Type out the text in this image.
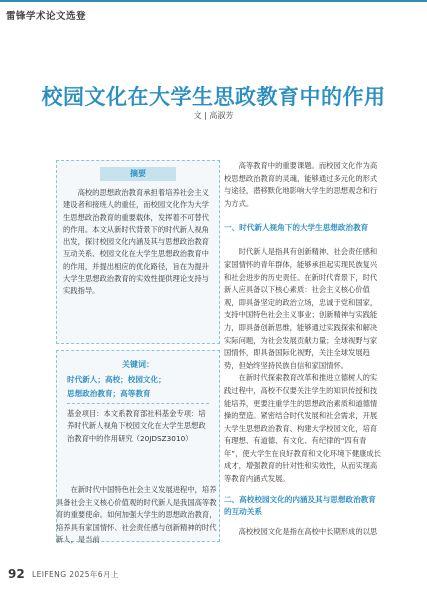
雷锋学术论文选登
校园文化在大学生思政教育中的作用
文 | 高淑芳
摘要
高校的思想政治教育承担着培养社会主义建设者和接班人的重任，而校园文化作为大学生思想政治教育的重要载体，发挥着不可替代的作用。本文从新时代背景下的时代新人视角出发，探讨校园文化内涵及其与思想政治教育互动关系、校园文化在大学生思想政治教育中的作用，并提出相应的优化路径，旨在为提升大学生思想政治教育的实效性提供理论支持与实践指导。
关键词：
时代新人；高校；校园文化；
思想政治教育；高等教育
基金项目：本文系教育部社科基金专项：培养时代新人视角下校园文化在大学生思想政治教育中的作用研究（20JDSZ3010）
在新时代中国特色社会主义发展进程中，培养具备社会主义核心价值观的时代新人是我国高等教育的重要使命。如何加强大学生的思想政治教育，培养具有家国情怀、社会责任感与创新精神的时代新人，是当前

高等教育中的重要课题。而校园文化作为高校思想政治教育的灵魂，能够通过多元化的形式与途径，潜移默化地影响大学生的思想观念和行为方式。

一、时代新人视角下的大学生思想政治教育

时代新人是指具有创新精神、社会责任感和家国情怀的青年群体，能够承担起实现民族复兴和社会进步的历史责任。在新时代背景下，时代新人应具备以下核心素质：社会主义核心价值观，即具备坚定的政治立场，忠诚于党和国家，支持中国特色社会主义事业；创新精神与实践能力，即具备创新思维，能够通过实践探索和解决实际问题，为社会发展贡献力量；全球视野与家国情怀，即具备国际化视野，关注全球发展趋势，但始终坚持民族自信和家国情怀。

在新时代探索教育改革和推进立德树人的实践过程中，高校不仅要关注学生的知识传授和技能培养，更要注重学生的思想政治素质和道德情操的塑造。紧密结合时代发展和社会需求，开展大学生思想政治教育、构建大学校园文化，培育有理想、有道德、有文化、有纪律的“四有青年”，使大学生在良好教育和文化环境下健康成长成才，增强教育的针对性和实效性，从而实现高等教育内涵式发展。

二、高校校园文化的内涵及其与思想政治教育的互动关系

高校校园文化是指在高校中长期形成的以思

92 LEIFENG 2025年6月上
